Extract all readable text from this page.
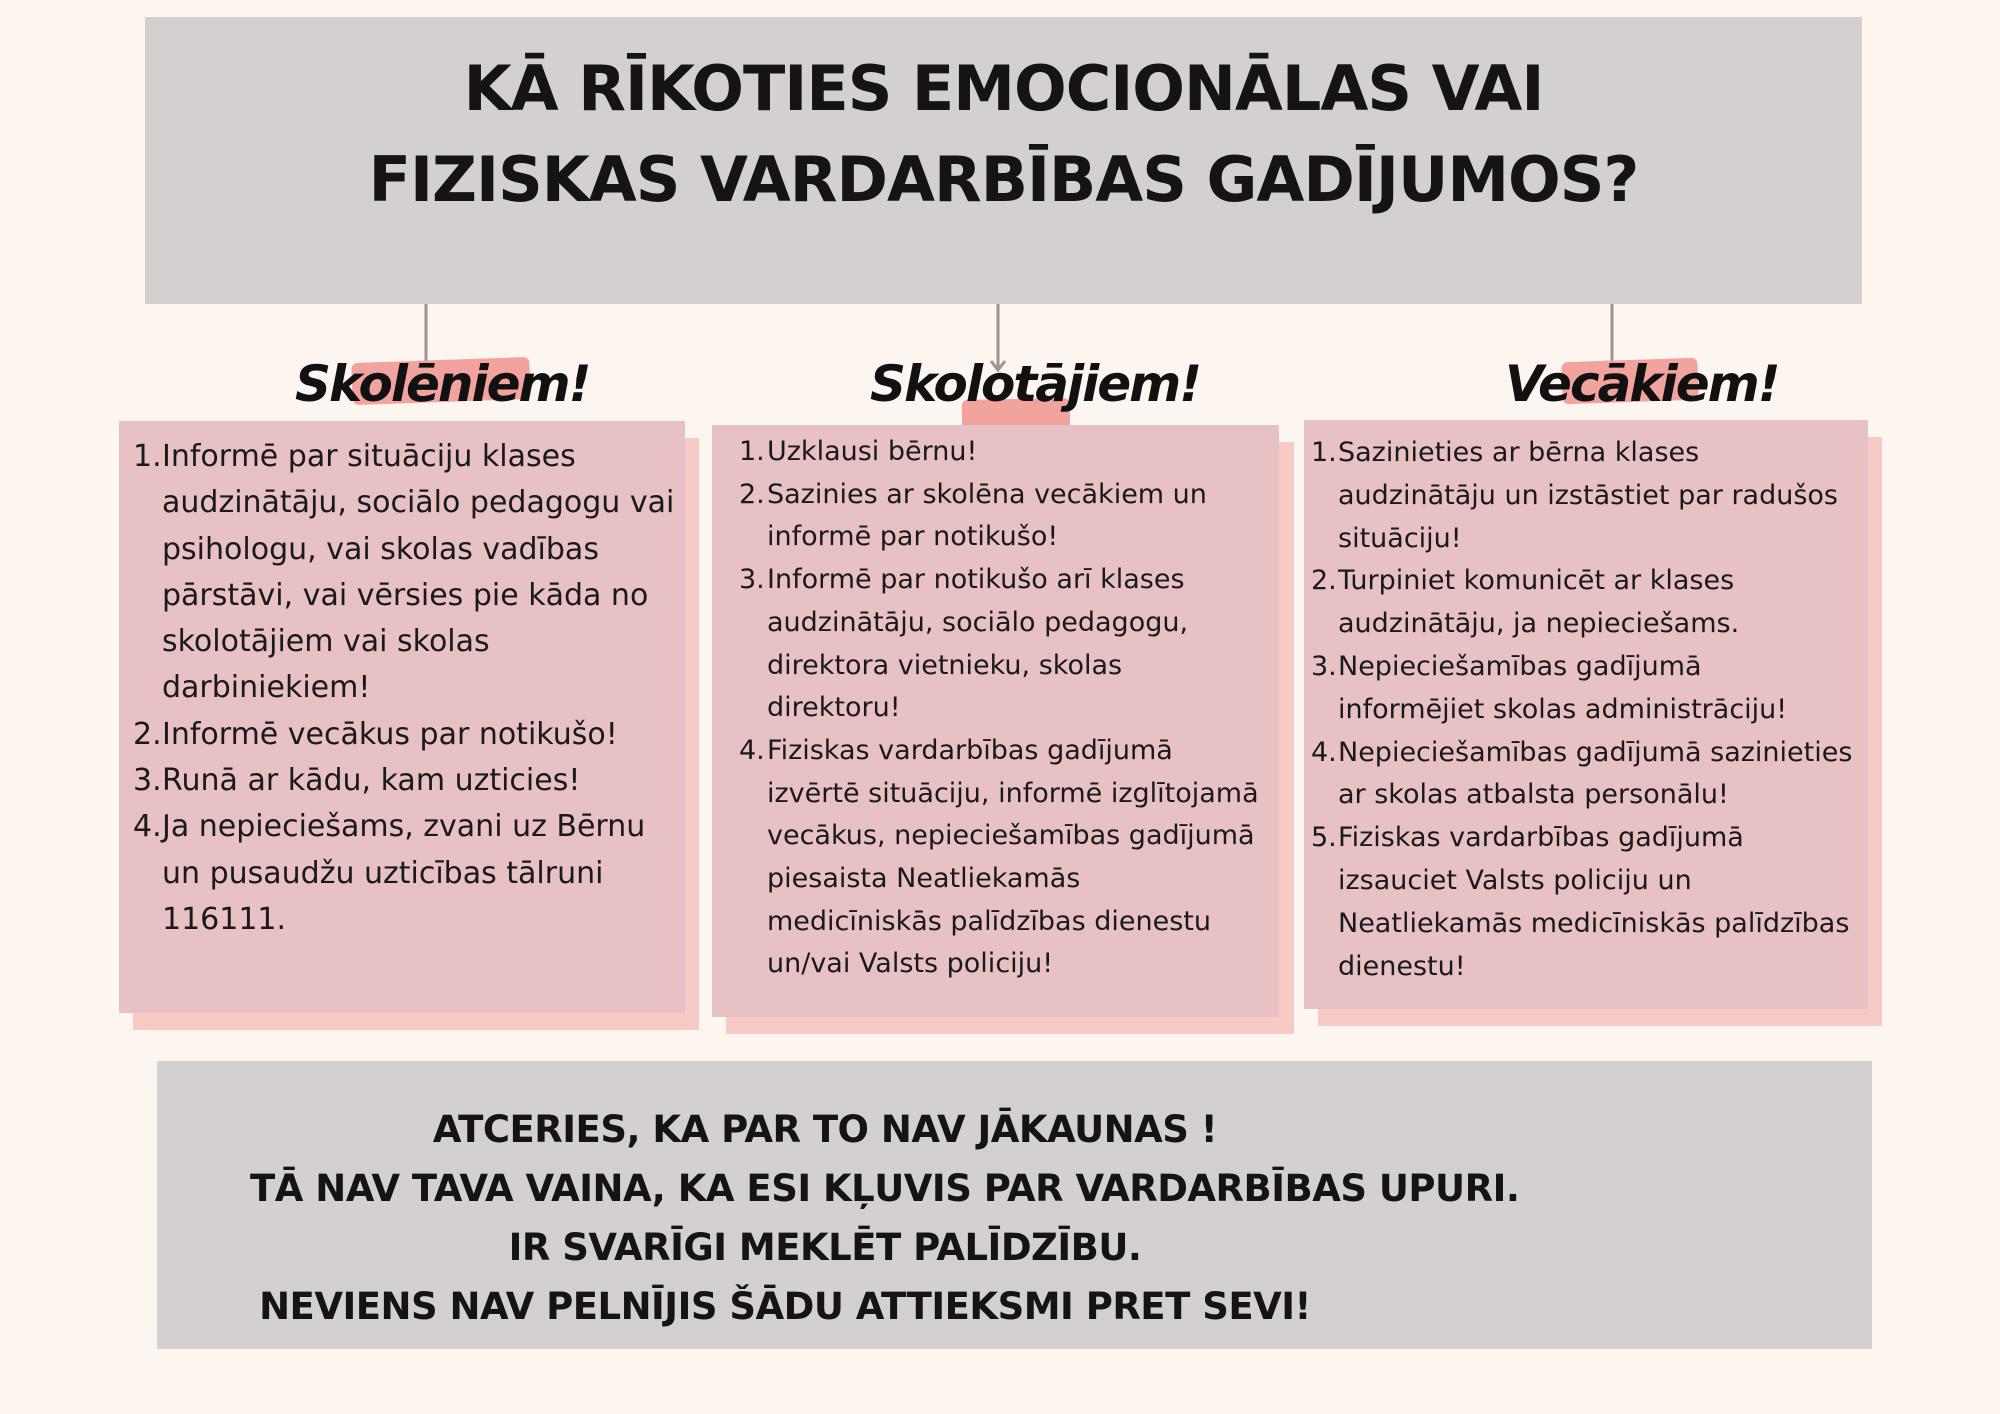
KĀ RĪKOTIES EMOCIONĀLAS VAI
FIZISKAS VARDARBĪBAS GADĪJUMOS?
Skolēniem!	Skolotājiem!	Vecākiem!
1. Informē par situāciju klases audzinātāju, sociālo pedagogu vai psihologu, vai skolas vadības pārstāvi, vai vērsies pie kāda no skolotājiem vai skolas darbiniekiem!
2. Informē vecākus par notikušo!
3. Runā ar kādu, kam uzticies!
4. Ja nepieciešams, zvani uz Bērnu un pusaudžu uzticības tālruni 116111.
1. Uzklausi bērnu!
2. Sazinies ar skolēna vecākiem un informē par notikušo!
3. Informē par notikušo arī klases audzinātāju, sociālo pedagogu, direktora vietnieku, skolas direktoru!
4. Fiziskas vardarbības gadījumā izvērtē situāciju, informē izglītojamā vecākus, nepieciešamības gadījumā piesaista Neatliekamās medicīniskās palīdzības dienestu un/vai Valsts policiju!
1. Sazinieties ar bērna klases audzinātāju un izstāstiet par radušos situāciju!
2. Turpiniet komunicēt ar klases audzinātāju, ja nepieciešams.
3. Nepieciešamības gadījumā informējiet skolas administrāciju!
4. Nepieciešamības gadījumā sazinieties ar skolas atbalsta personālu!
5. Fiziskas vardarbības gadījumā izsauciet Valsts policiju un Neatliekamās medicīniskās palīdzības dienestu!
ATCERIES, KA PAR TO NAV JĀKAUNAS !
TĀ NAV TAVA VAINA, KA ESI KĻUVIS PAR VARDARBĪBAS UPURI.
IR SVARĪGI MEKLĒT PALĪDZĪBU.
NEVIENS NAV PELNĪJIS ŠĀDU ATTIEKSMI PRET SEVI!
